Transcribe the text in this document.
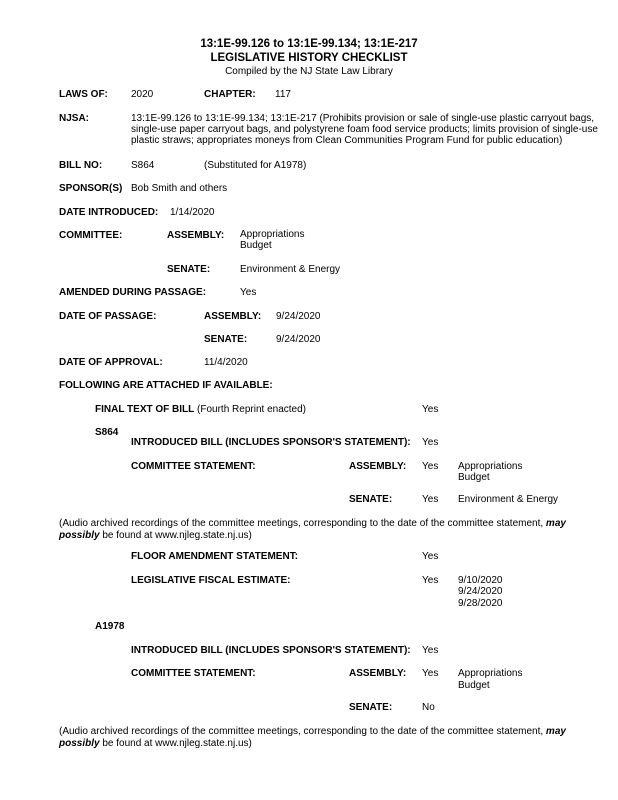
13:1E-99.126 to 13:1E-99.134; 13:1E-217
LEGISLATIVE HISTORY CHECKLIST
Compiled by the NJ State Law Library
LAWS OF: 2020	CHAPTER: 117
NJSA:	13:1E-99.126 to 13:1E-99.134; 13:1E-217 (Prohibits provision or sale of single-use plastic carryout bags, single-use paper carryout bags, and polystyrene foam food service products; limits provision of single-use plastic straws; appropriates moneys from Clean Communities Program Fund for public education)
BILL NO:	S864	(Substituted for A1978)
SPONSOR(S) Bob Smith and others
DATE INTRODUCED: 1/14/2020
COMMITTEE:	ASSEMBLY: Appropriations
Budget
SENATE:	Environment & Energy
AMENDED DURING PASSAGE:	Yes
DATE OF PASSAGE:	ASSEMBLY: 9/24/2020
SENATE:	9/24/2020
DATE OF APPROVAL:	11/4/2020
FOLLOWING ARE ATTACHED IF AVAILABLE:
FINAL TEXT OF BILL (Fourth Reprint enacted)	Yes
S864
INTRODUCED BILL (INCLUDES SPONSOR'S STATEMENT): Yes
COMMITTEE STATEMENT:	ASSEMBLY: Yes Appropriations
Budget
SENATE:	Yes Environment & Energy
(Audio archived recordings of the committee meetings, corresponding to the date of the committee statement, may possibly be found at www.njleg.state.nj.us)
FLOOR AMENDMENT STATEMENT:	Yes
LEGISLATIVE FISCAL ESTIMATE:	Yes 9/10/2020
9/24/2020
9/28/2020
A1978
INTRODUCED BILL (INCLUDES SPONSOR'S STATEMENT): Yes
COMMITTEE STATEMENT:	ASSEMBLY: Yes Appropriations
Budget
SENATE:	No
(Audio archived recordings of the committee meetings, corresponding to the date of the committee statement, may possibly be found at www.njleg.state.nj.us)
